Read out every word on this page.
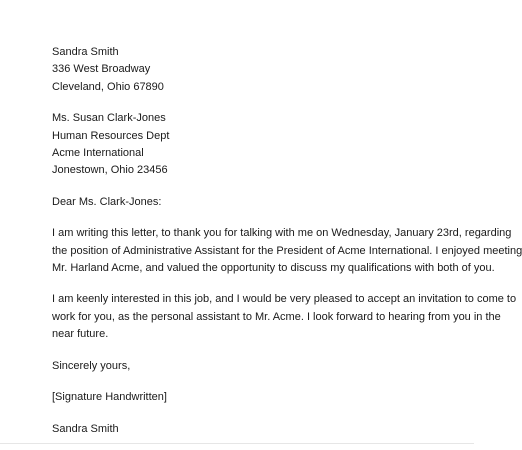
Sandra Smith

336 West Broadway

Cleveland, Ohio 67890

Ms. Susan Clark-Jones

Human Resources Dept

Acme International

Jonestown, Ohio 23456

Dear Ms. Clark-Jones:

I am writing this letter, to thank you for talking with me on Wednesday, January 23rd, regarding

the position of Administrative Assistant for the President of Acme International. I enjoyed meeting

Mr. Harland Acme, and valued the opportunity to discuss my qualifications with both of you.

I am keenly interested in this job, and I would be very pleased to accept an invitation to come to

work for you, as the personal assistant to Mr. Acme. I look forward to hearing from you in the

near future.

Sincerely yours,

[Signature Handwritten]

Sandra Smith
